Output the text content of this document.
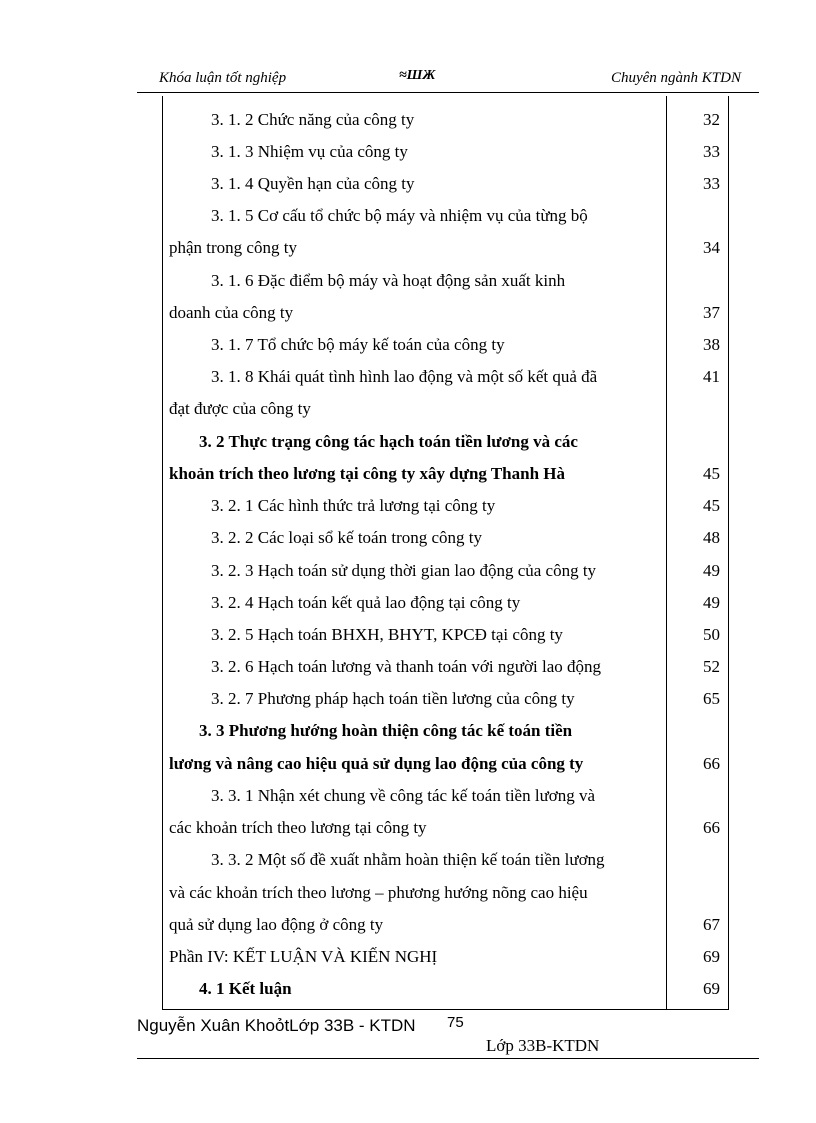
Khóa luận tốt nghiệp	≈ШЖ	Chuyên ngành KTDN
3. 1. 2 Chức năng của công ty	32
3. 1. 3 Nhiệm vụ của công ty	33
3. 1. 4 Quyền hạn của công ty	33
3. 1. 5 Cơ cấu tổ chức bộ máy và nhiệm vụ của từng bộ
phận trong công ty	34
3. 1. 6 Đặc điểm bộ máy và hoạt động sản xuất kinh
doanh của công ty	37
3. 1. 7 Tổ chức bộ máy kế toán của công ty	38
3. 1. 8 Khái quát tình hình lao động và một số kết quả đã	41
đạt được của công ty
3. 2 Thực trạng công tác hạch toán tiền lương và các
khoản trích theo lương tại công ty xây dựng Thanh Hà	45
3. 2. 1 Các hình thức trả lương tại công ty	45
3. 2. 2 Các loại sổ kế toán trong công ty	48
3. 2. 3 Hạch toán sử dụng thời gian lao động của công ty	49
3. 2. 4 Hạch toán kết quả lao động tại công ty	49
3. 2. 5 Hạch toán BHXH, BHYT, KPCĐ tại công ty	50
3. 2. 6 Hạch toán lương và thanh toán với người lao động	52
3. 2. 7 Phương pháp hạch toán tiền lương của công ty	65
3. 3 Phương hướng hoàn thiện công tác kế toán tiền
lương và nâng cao hiệu quả sử dụng lao động của công ty	66
3. 3. 1 Nhận xét chung về công tác kế toán tiền lương và
các khoản trích theo lương tại công ty	66
3. 3. 2 Một số đề xuất nhằm hoàn thiện kế toán tiền lương
và các khoản trích theo lương – phương hướng nõng cao hiệu
quả sử dụng lao động ở công ty	67
Phần IV: KẾT LUẬN VÀ KIẾN NGHỊ	69
4. 1 Kết luận	69
Nguyễn Xuân KhoỏtLớp 33B - KTDN 75
Lớp 33B-KTDN
